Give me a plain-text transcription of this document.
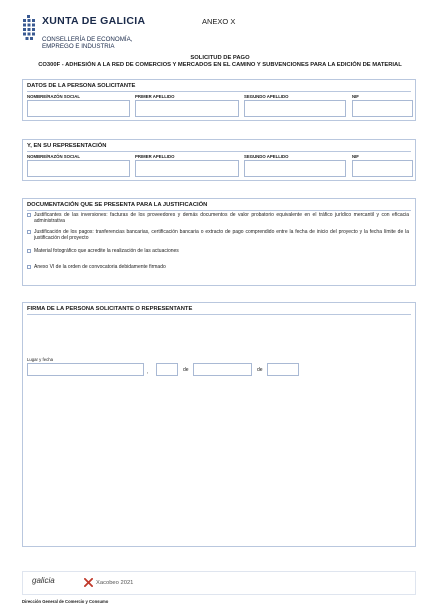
XUNTA DE GALICIA
CONSELLERÍA DE ECONOMÍA,
EMPREGO E INDUSTRIA
ANEXO X
SOLICITUD DE PAGO
CO300F - ADHESIÓN A LA RED DE COMERCIOS Y MERCADOS EN EL CAMINO Y SUBVENCIONES PARA LA EDICIÓN DE MATERIAL
DATOS DE LA PERSONA SOLICITANTE
NOMBRE/RAZÓN SOCIAL	PRIMER APELLIDO	SEGUNDO APELLIDO	NIF
Y, EN SU REPRESENTACIÓN
NOMBRE/RAZÓN SOCIAL	PRIMER APELLIDO	SEGUNDO APELLIDO	NIF
DOCUMENTACIÓN QUE SE PRESENTA PARA LA JUSTIFICACIÓN
Justificantes de las inversiones: facturas de los proveedores y demás documentos de valor probatorio equivalente en el tráfico jurídico mercantil y con eficacia administrativa
Justificación de los pagos: tranferencias bancarias, certificación bancaria o extracto de pago comprendido entre la fecha de inicio del proyecto y la fecha límite de la justificación del proyecto
Material fotográfico que acredite la realización de las actuaciones
Anexo VI de la orden de convocatoria debidamente firmado
FIRMA DE LA PERSONA SOLICITANTE O REPRESENTANTE
Lugar y fecha
,	de	de
galicia	Xacobeo 2021
Dirección General de Comercio y Consumo
